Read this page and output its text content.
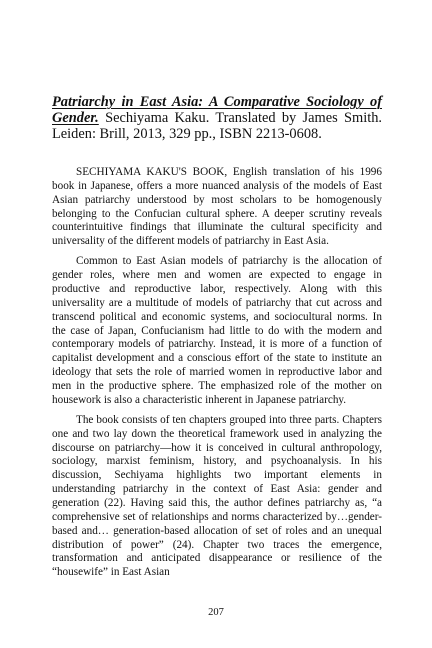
Patriarchy in East Asia: A Comparative Sociology of Gender. Sechiyama Kaku. Translated by James Smith. Leiden: Brill, 2013, 329 pp., ISBN 2213-0608.

SECHIYAMA KAKU'S BOOK, English translation of his 1996 book in Japanese, offers a more nuanced analysis of the models of East Asian patriarchy understood by most scholars to be homogenously belonging to the Confucian cultural sphere. A deeper scrutiny reveals counterintuitive findings that illuminate the cultural specificity and universality of the different models of patriarchy in East Asia.

Common to East Asian models of patriarchy is the allocation of gender roles, where men and women are expected to engage in productive and reproductive labor, respectively. Along with this universality are a multitude of models of patriarchy that cut across and transcend political and economic systems, and sociocultural norms. In the case of Japan, Confucianism had little to do with the modern and contemporary models of patriarchy. Instead, it is more of a function of capitalist development and a conscious effort of the state to institute an ideology that sets the role of married women in reproductive labor and men in the productive sphere. The emphasized role of the mother on housework is also a characteristic inherent in Japanese patriarchy.

The book consists of ten chapters grouped into three parts. Chapters one and two lay down the theoretical framework used in analyzing the discourse on patriarchy—how it is conceived in cultural anthropology, sociology, marxist feminism, history, and psychoanalysis. In his discussion, Sechiyama highlights two important elements in understanding patriarchy in the context of East Asia: gender and generation (22). Having said this, the author defines patriarchy as, “a comprehensive set of relationships and norms characterized by…gender-based and… generation-based allocation of set of roles and an unequal distribution of power” (24). Chapter two traces the emergence, transformation and anticipated disappearance or resilience of the “housewife” in East Asian

207
